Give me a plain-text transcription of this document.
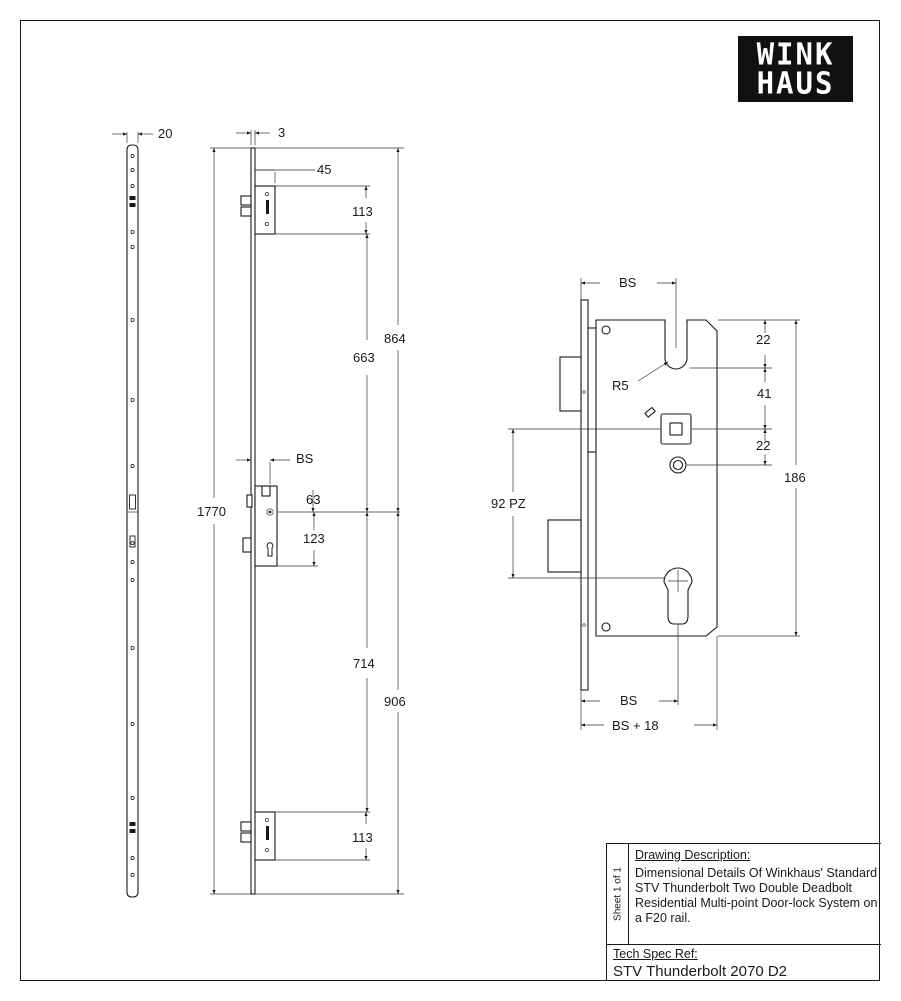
20	3
45
113
BS
63
123
113
663
714
864
906
1770
BS
R5
22
41
22
186
92 PZ
BS
BS + 18
WINK
HAUS
Sheet 1 of 1
Drawing Description:
Dimensional Details Of Winkhaus' Standard STV Thunderbolt Two Double Deadbolt Residential Multi-point Door-lock System on a F20 rail.
Tech Spec Ref:
STV Thunderbolt 2070 D2
